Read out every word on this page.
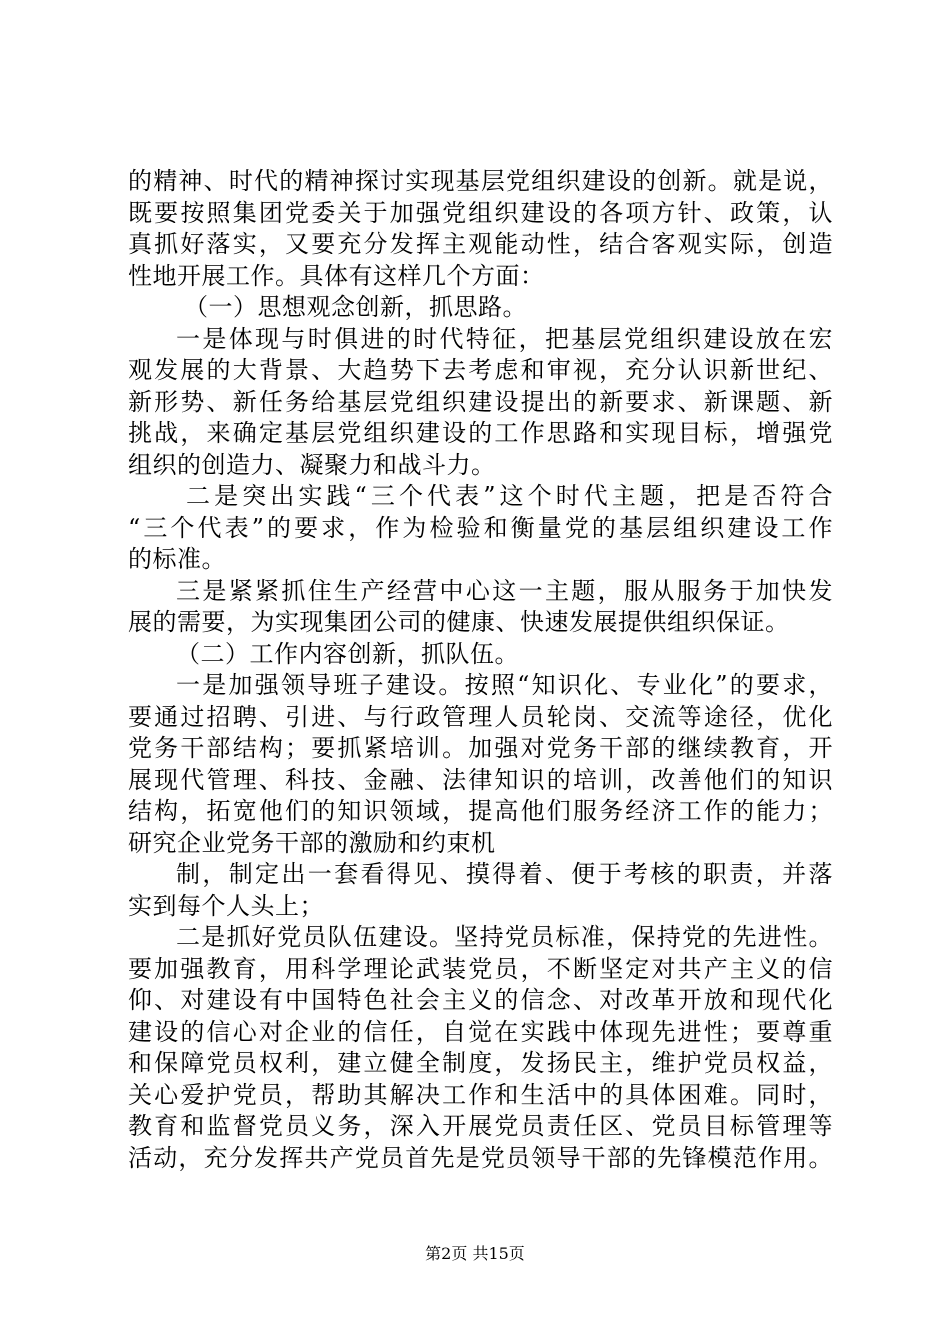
的精神、时代的精神探讨实现基层党组织建设的创新。就是说，
既要按照集团党委关于加强党组织建设的各项方针、政策，认
真抓好落实，又要充分发挥主观能动性，结合客观实际，创造
性地开展工作。具体有这样几个方面：
（一）思想观念创新，抓思路。
一是体现与时俱进的时代特征，把基层党组织建设放在宏
观发展的大背景、大趋势下去考虑和审视，充分认识新世纪、
新形势、新任务给基层党组织建设提出的新要求、新课题、新
挑战，来确定基层党组织建设的工作思路和实现目标，增强党
组织的创造力、凝聚力和战斗力。
二是突出实践“三个代表”这个时代主题，把是否符合
“三个代表”的要求，作为检验和衡量党的基层组织建设工作
的标准。
三是紧紧抓住生产经营中心这一主题，服从服务于加快发
展的需要，为实现集团公司的健康、快速发展提供组织保证。
（二）工作内容创新，抓队伍。
一是加强领导班子建设。按照“知识化、专业化”的要求，
要通过招聘、引进、与行政管理人员轮岗、交流等途径，优化
党务干部结构；要抓紧培训。加强对党务干部的继续教育，开
展现代管理、科技、金融、法律知识的培训，改善他们的知识
结构，拓宽他们的知识领域，提高他们服务经济工作的能力；
研究企业党务干部的激励和约束机
制，制定出一套看得见、摸得着、便于考核的职责，并落
实到每个人头上；
二是抓好党员队伍建设。坚持党员标准，保持党的先进性。
要加强教育，用科学理论武装党员，不断坚定对共产主义的信
仰、对建设有中国特色社会主义的信念、对改革开放和现代化
建设的信心对企业的信任，自觉在实践中体现先进性；要尊重
和保障党员权利，建立健全制度，发扬民主，维护党员权益，
关心爱护党员，帮助其解决工作和生活中的具体困难。同时，
教育和监督党员义务，深入开展党员责任区、党员目标管理等
活动，充分发挥共产党员首先是党员领导干部的先锋模范作用。
第2页 共15页
